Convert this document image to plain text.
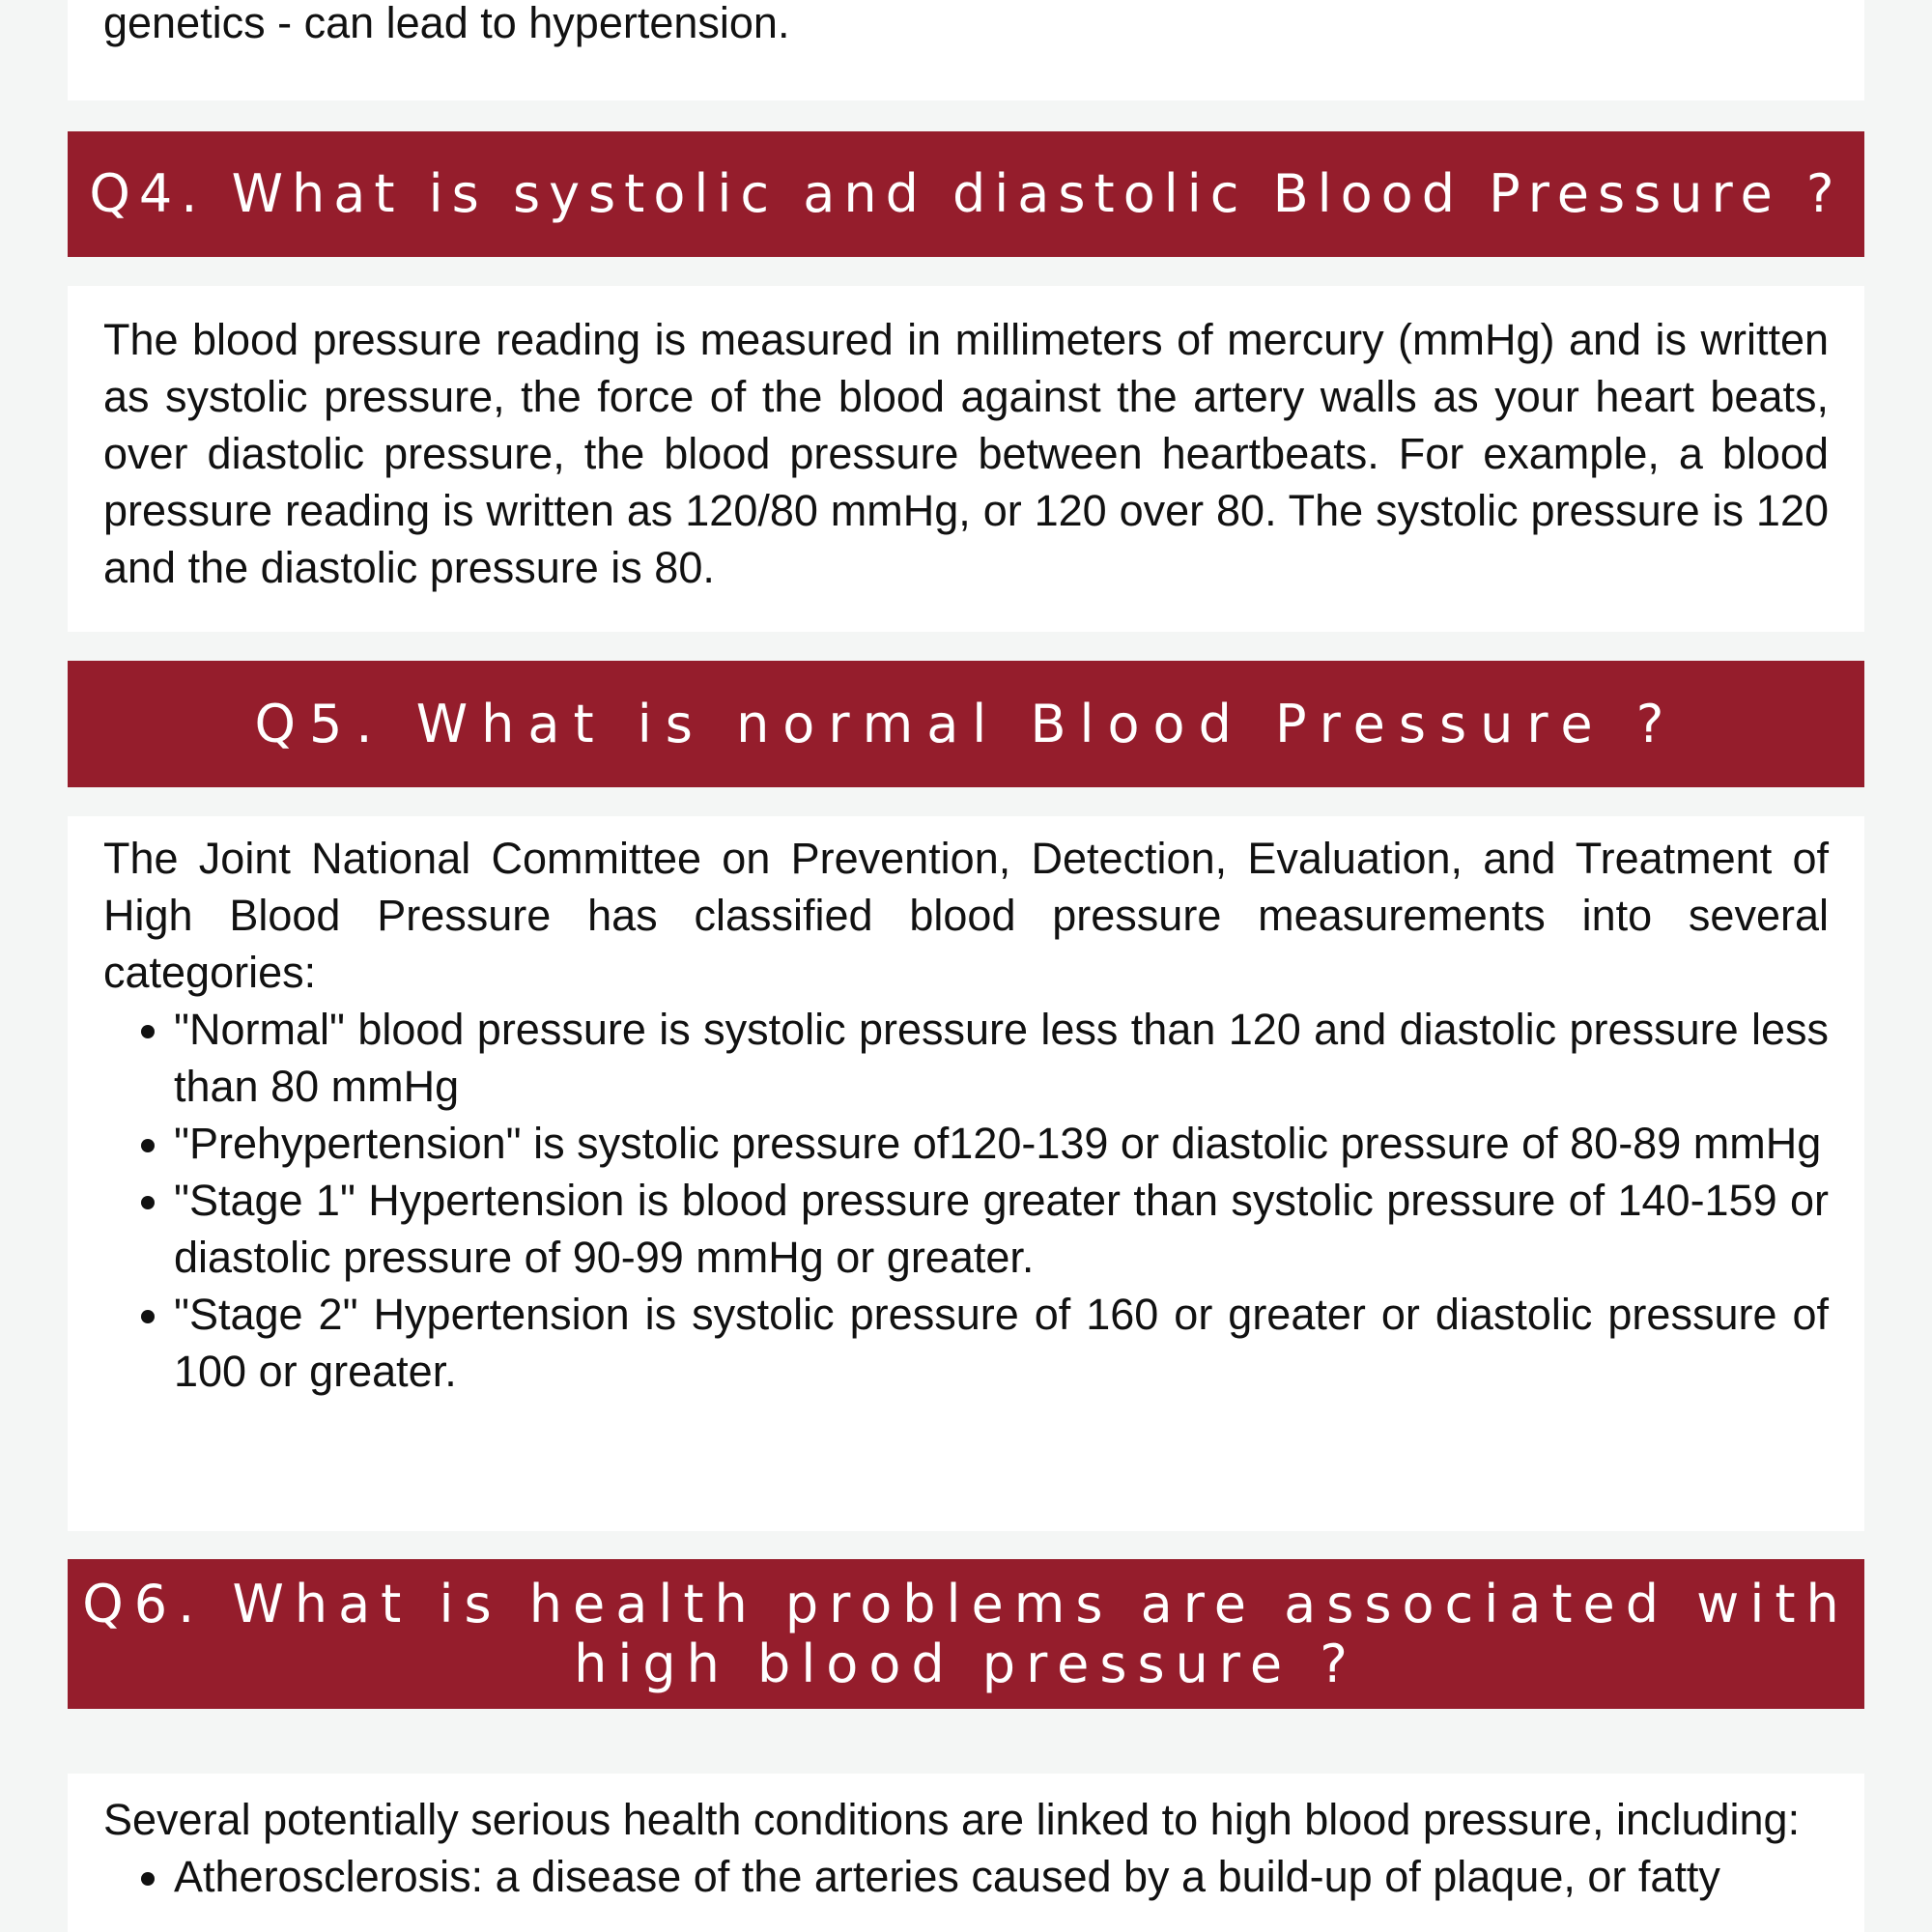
genetics - can lead to hypertension.
Q4. What is systolic and diastolic Blood Pressure ?
The blood pressure reading is measured in millimeters of mercury (mmHg) and is written as systolic pressure, the force of the blood against the artery walls as your heart beats, over diastolic pressure, the blood pressure between heartbeats. For example, a blood pressure reading is written as 120/80 mmHg, or 120 over 80. The systolic pressure is 120 and the diastolic pressure is 80.
Q5. What is normal Blood Pressure ?
The Joint National Committee on Prevention, Detection, Evaluation, and Treatment of High Blood Pressure has classified blood pressure measurements into several categories:
• "Normal" blood pressure is systolic pressure less than 120 and diastolic pressure less than 80 mmHg
• "Prehypertension" is systolic pressure of120-139 or diastolic pressure of 80-89 mmHg
• "Stage 1" Hypertension is blood pressure greater than systolic pressure of 140-159 or diastolic pressure of 90-99 mmHg or greater.
• "Stage 2" Hypertension is systolic pressure of 160 or greater or diastolic pressure of 100 or greater.
Q6. What is health problems are associated with
high blood pressure ?
Several potentially serious health conditions are linked to high blood pressure, including:
• Atherosclerosis: a disease of the arteries caused by a build-up of plaque, or fatty
